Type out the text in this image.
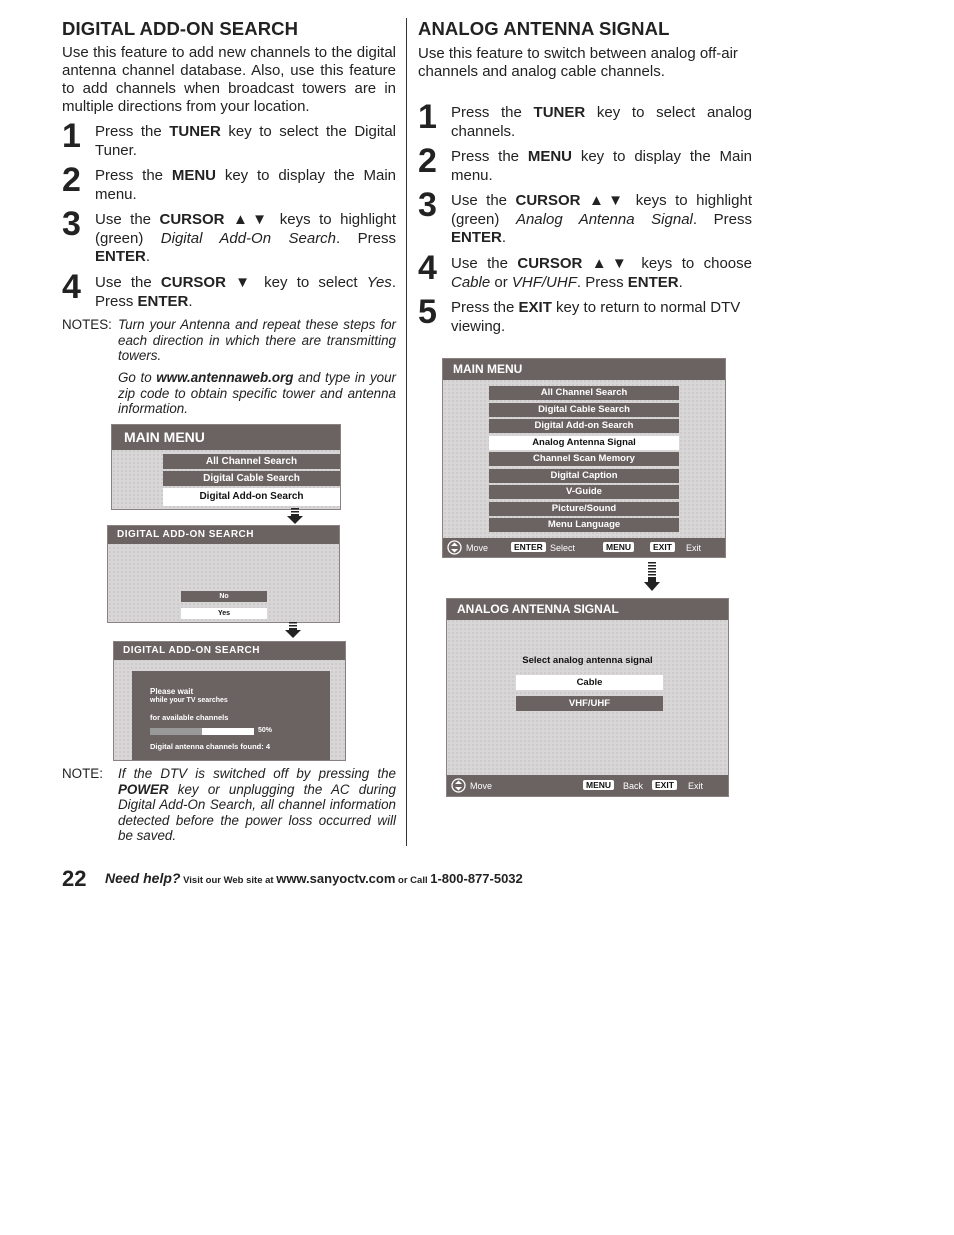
DIGITAL ADD-ON SEARCH

Use this feature to add new channels to the digital antenna channel database. Also, use this feature to add channels when broadcast towers are in multiple directions from your location.

1 Press the TUNER key to select the Digital Tuner.
2 Press the MENU key to display the Main menu.
3 Use the CURSOR ▲▼ keys to highlight (green) Digital Add-On Search. Press ENTER.
4 Use the CURSOR ▼ key to select Yes. Press ENTER.
NOTES: Turn your Antenna and repeat these steps for each direction in which there are transmitting towers.
Go to www.antennaweb.org and type in your zip code to obtain specific tower and antenna information.
MAIN MENU
All Channel Search
Digital Cable Search
Digital Add-on Search
DIGITAL ADD-ON SEARCH
No
Yes
DIGITAL ADD-ON SEARCH
Please wait
while your TV searches
for available channels
50%
Digital antenna channels found: 4
NOTE: If the DTV is switched off by pressing the POWER key or unplugging the AC during Digital Add-On Search, all channel information detected before the power loss occurred will be saved.
ANALOG ANTENNA SIGNAL

Use this feature to switch between analog off-air channels and analog cable channels.

1 Press the TUNER key to select analog channels.
2 Press the MENU key to display the Main menu.
3 Use the CURSOR ▲▼ keys to highlight (green) Analog Antenna Signal. Press ENTER.
4 Use the CURSOR ▲▼ keys to choose Cable or VHF/UHF. Press ENTER.
5 Press the EXIT key to return to normal DTV viewing.
MAIN MENU
All Channel Search
Digital Cable Search
Digital Add-on Search
Analog Antenna Signal
Channel Scan Memory
Digital Caption
V-Guide
Picture/Sound
Menu Language
Move	ENTER Select	MENU	EXIT	Exit
ANALOG ANTENNA SIGNAL
Select analog antenna signal
Cable
VHF/UHF
Move	MENU	Back	EXIT	Exit
22 Need help? Visit our Web site at www.sanyoctv.com or Call 1-800-877-5032
